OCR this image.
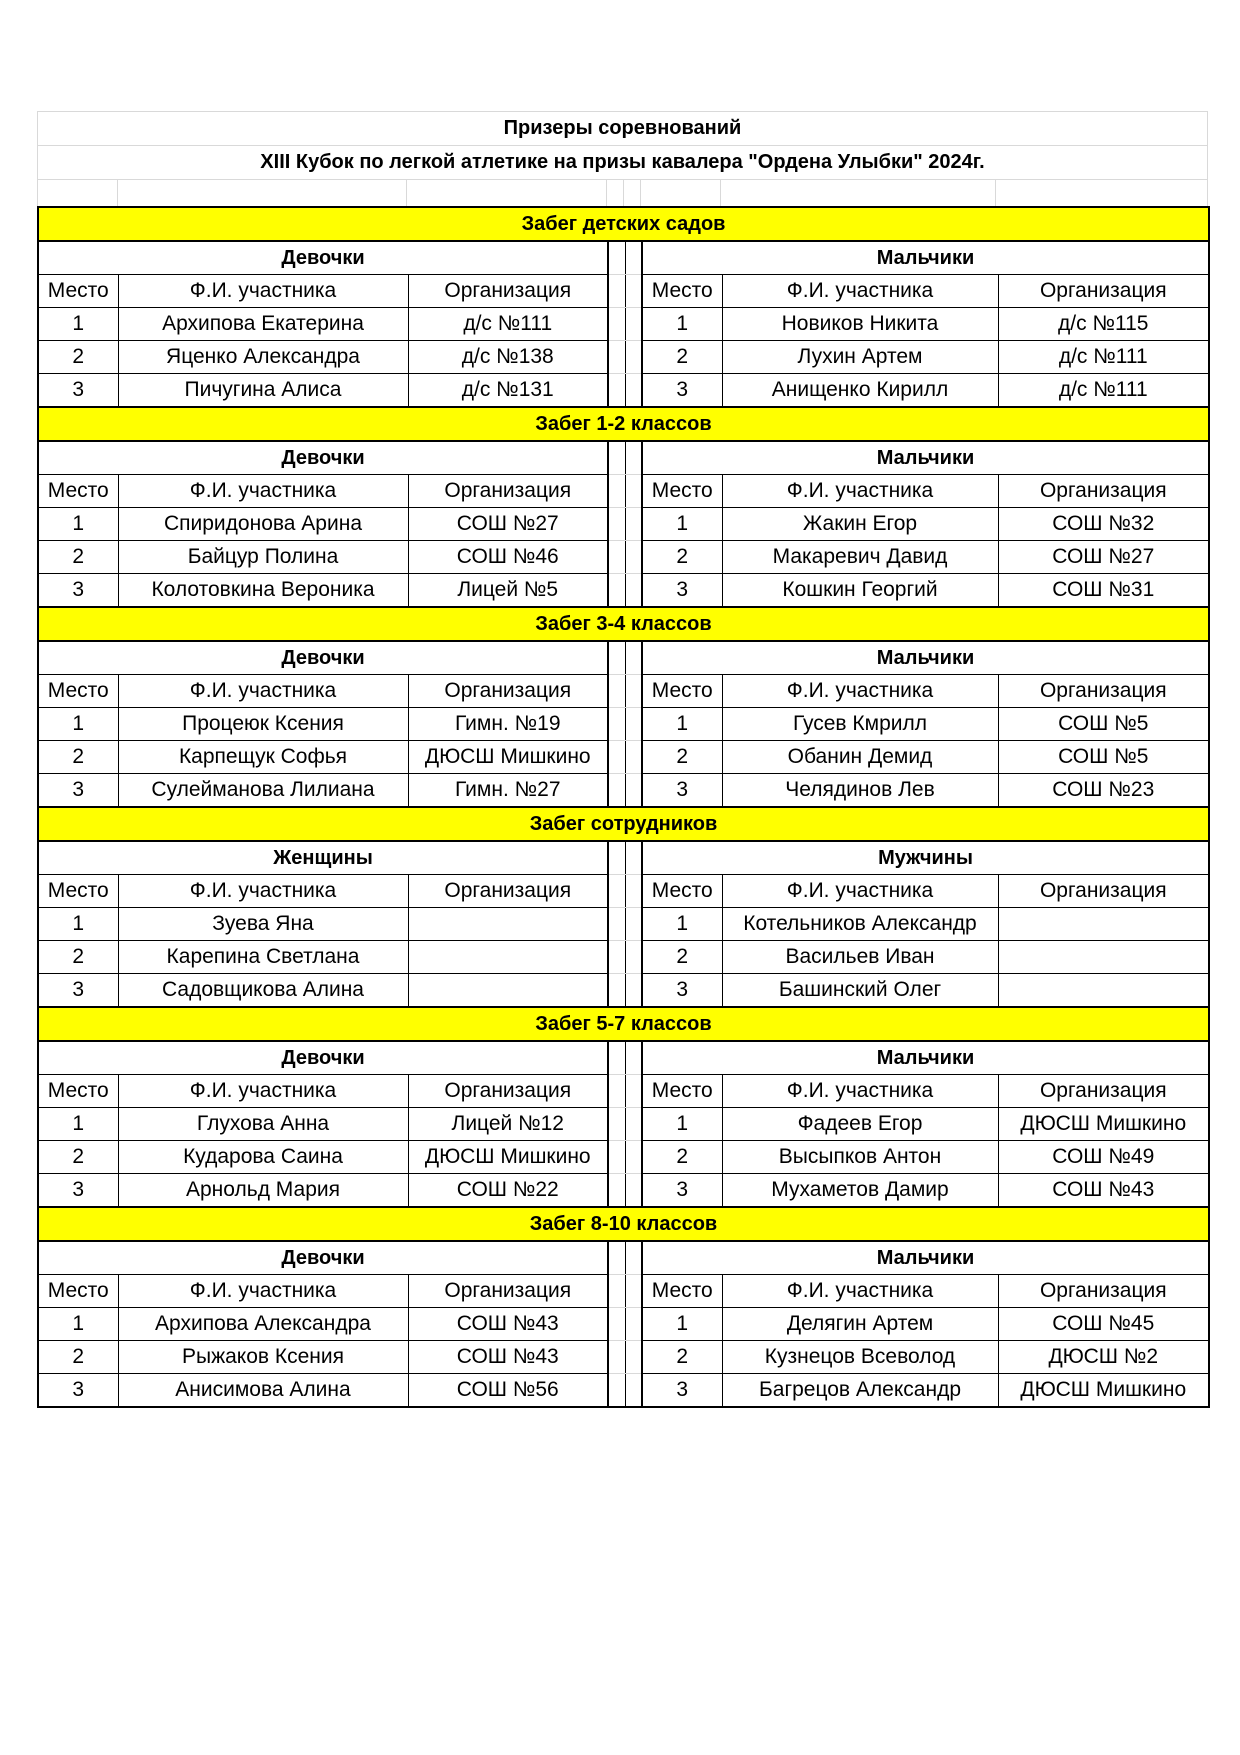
Призеры соревнований
XIII Кубок по легкой атлетике на призы кавалера "Ордена Улыбки" 2024г.
Забег детских садов							
Девочки					Мальчики		
Место	Ф.И. участника	Организация			Место	Ф.И. участника	Организация
1	Архипова Екатерина	д/с №111			1	Новиков Никита	д/с №115
2	Яценко Александра	д/с №138			2	Лухин Артем	д/с №111
3	Пичугина Алиса	д/с №131			3	Анищенко Кирилл	д/с №111
Забег 1-2 классов							
Девочки					Мальчики		
Место	Ф.И. участника	Организация			Место	Ф.И. участника	Организация
1	Спиридонова Арина	СОШ №27			1	Жакин Егор	СОШ №32
2	Байцур Полина	СОШ №46			2	Макаревич Давид	СОШ №27
3	Колотовкина Вероника	Лицей №5			3	Кошкин Георгий	СОШ №31
Забег 3-4 классов							
Девочки					Мальчики		
Место	Ф.И. участника	Организация			Место	Ф.И. участника	Организация
1	Процеюк Ксения	Гимн. №19			1	Гусев Кмрилл	СОШ №5
2	Карпещук Софья	ДЮСШ Мишкино			2	Обанин Демид	СОШ №5
3	Сулейманова Лилиана	Гимн. №27			3	Челядинов Лев	СОШ №23
Забег сотрудников							
Женщины					Мужчины		
Место	Ф.И. участника	Организация			Место	Ф.И. участника	Организация
1	Зуева Яна				1	Котельников Александр	
2	Карепина Светлана				2	Васильев Иван	
3	Садовщикова Алина				3	Башинский Олег	
Забег 5-7 классов							
Девочки					Мальчики		
Место	Ф.И. участника	Организация			Место	Ф.И. участника	Организация
1	Глухова Анна	Лицей №12			1	Фадеев Егор	ДЮСШ Мишкино
2	Кударова Саина	ДЮСШ Мишкино			2	Высыпков Антон	СОШ №49
3	Арнольд Мария	СОШ №22			3	Мухаметов Дамир	СОШ №43
Забег 8-10 классов							
Девочки					Мальчики		
Место	Ф.И. участника	Организация			Место	Ф.И. участника	Организация
1	Архипова Александра	СОШ №43			1	Делягин Артем	СОШ №45
2	Рыжаков Ксения	СОШ №43			2	Кузнецов Всеволод	ДЮСШ №2
3	Анисимова Алина	СОШ №56			3	Багрецов Александр	ДЮСШ Мишкино
